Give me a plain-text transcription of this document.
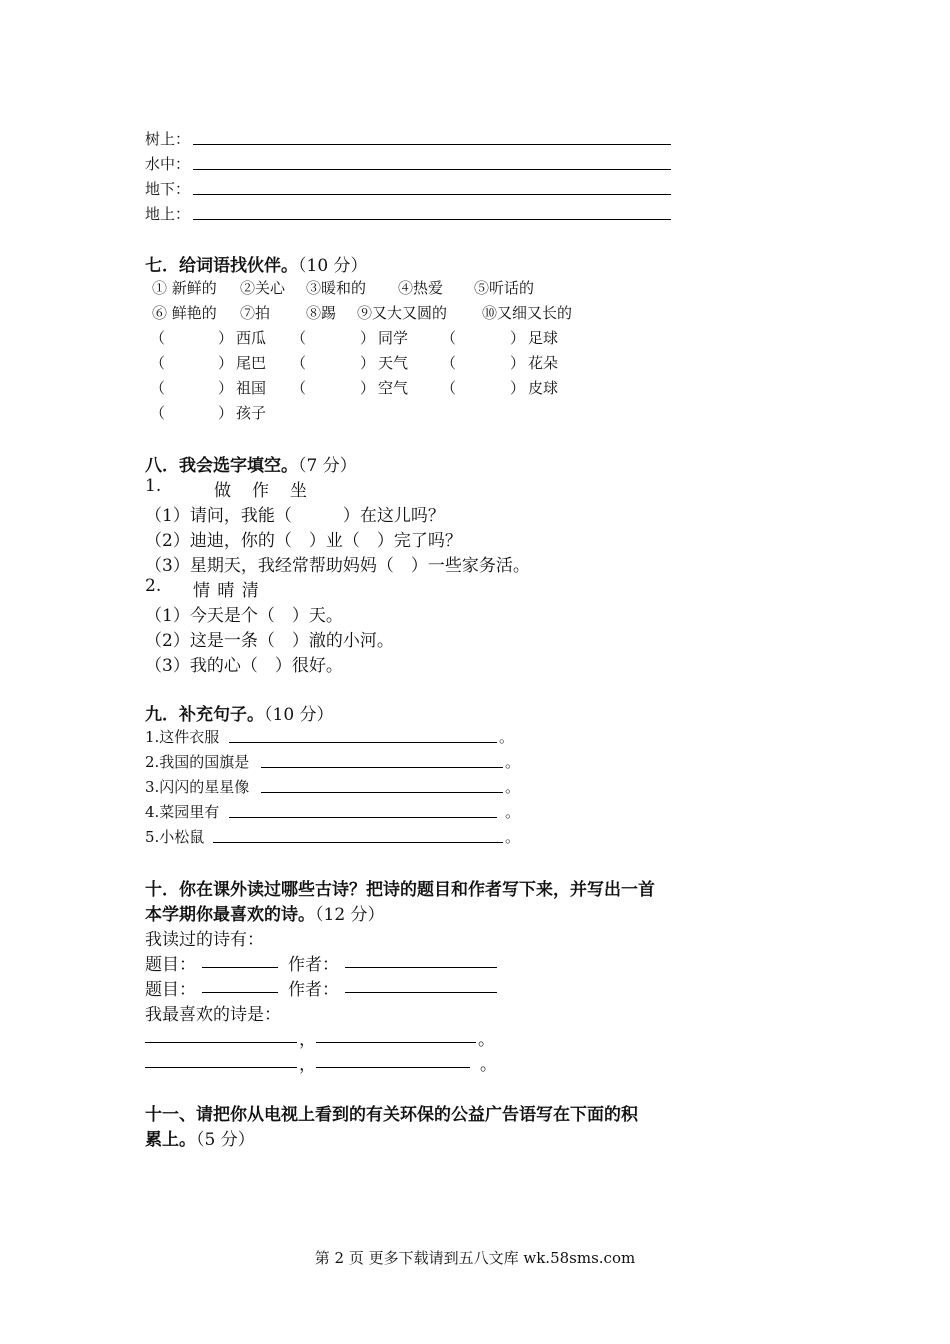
树上：
水中：
地下：
地上：
七．给词语找伙伴。（10 分）
① 新鲜的 ②关心 ③暖和的 ④热爱 ⑤听话的
⑥ 鲜艳的 ⑦拍 ⑧踢 ⑨又大又圆的 ⑩又细又长的
（	） 西瓜 （	） 同学 （	） 足球
（	） 尾巴 （	） 天气 （	） 花朵
（	） 祖国 （	） 空气 （	） 皮球
（	） 孩子
八．我会选字填空。（7 分）
1.	做　作　坐
（1）请问，我能（　　　）在这儿吗？
（2）迪迪，你的（　）业（　）完了吗？
（3）星期天，我经常帮助妈妈（　）一些家务活。
2. 情 晴 清
（1）今天是个（　）天。
（2）这是一条（　）澈的小河。
（3）我的心（　）很好。
九．补充句子。（10 分）
1.这件衣服	。
2.我国的国旗是	。
3.闪闪的星星像	。
4.菜园里有	。
5.小松鼠	。
十．你在课外读过哪些古诗？把诗的题目和作者写下来，并写出一首
本学期你最喜欢的诗。（12 分）
我读过的诗有：
题目：	作者：
题目：	作者：
我最喜欢的诗是：
，	。
，	。
十一、请把你从电视上看到的有关环保的公益广告语写在下面的积
累上。（5 分）
第 2 页 更多下载请到五八文库 wk.58sms.com
